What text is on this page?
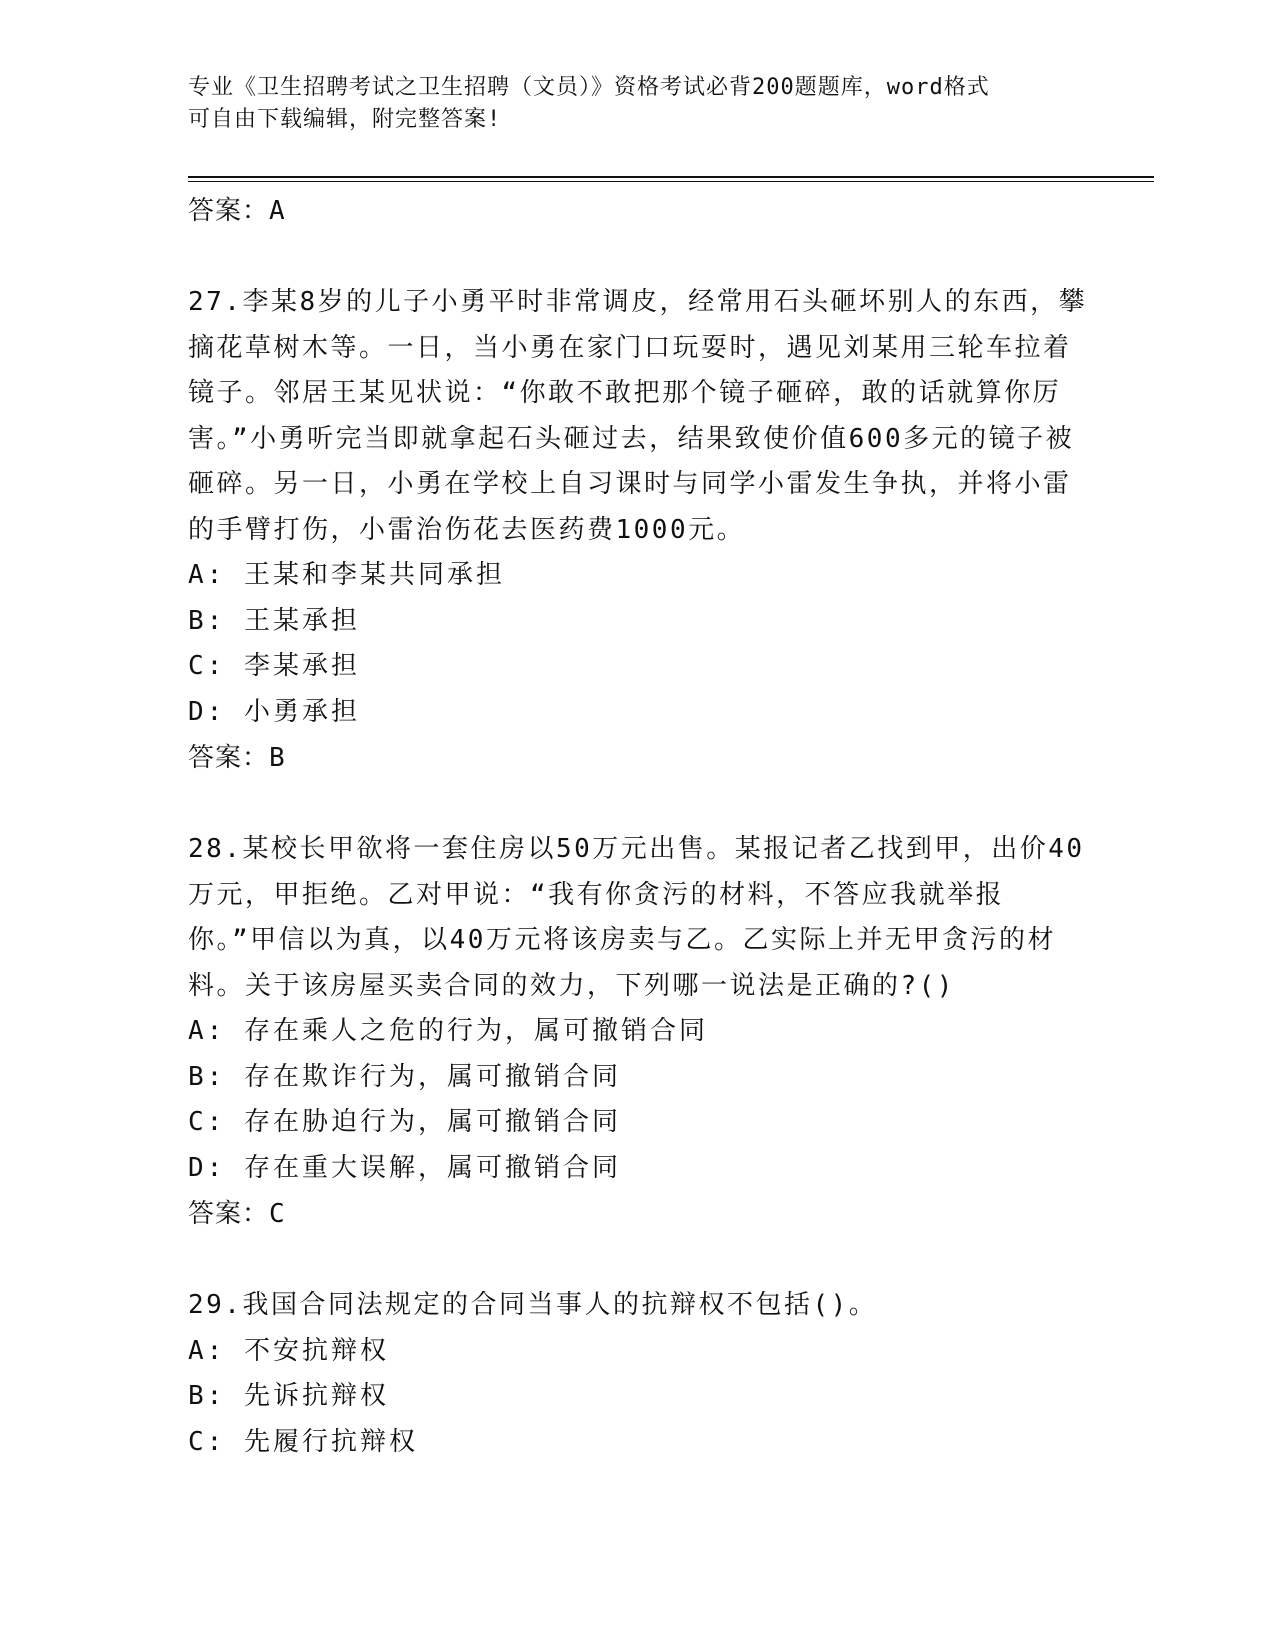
专业《卫生招聘考试之卫生招聘（文员）》资格考试必背200题题库，word格式
可自由下载编辑，附完整答案!
答案：A

27.李某8岁的儿子小勇平时非常调皮，经常用石头砸坏别人的东西，攀摘花草树木等。一日，当小勇在家门口玩耍时，遇见刘某用三轮车拉着镜子。邻居王某见状说：“你敢不敢把那个镜子砸碎，敢的话就算你厉害。”小勇听完当即就拿起石头砸过去，结果致使价值600多元的镜子被砸碎。另一日，小勇在学校上自习课时与同学小雷发生争执，并将小雷的手臂打伤，小雷治伤花去医药费1000元。

A: 王某和李某共同承担
B: 王某承担
C: 李某承担
D: 小勇承担
答案：B

28.某校长甲欲将一套住房以50万元出售。某报记者乙找到甲，出价40万元，甲拒绝。乙对甲说：“我有你贪污的材料，不答应我就举报你。”甲信以为真，以40万元将该房卖与乙。乙实际上并无甲贪污的材料。关于该房屋买卖合同的效力，下列哪一说法是正确的?()

A: 存在乘人之危的行为，属可撤销合同
B: 存在欺诈行为，属可撤销合同
C: 存在胁迫行为，属可撤销合同
D: 存在重大误解，属可撤销合同
答案：C

29.我国合同法规定的合同当事人的抗辩权不包括()。

A: 不安抗辩权
B: 先诉抗辩权
C: 先履行抗辩权
